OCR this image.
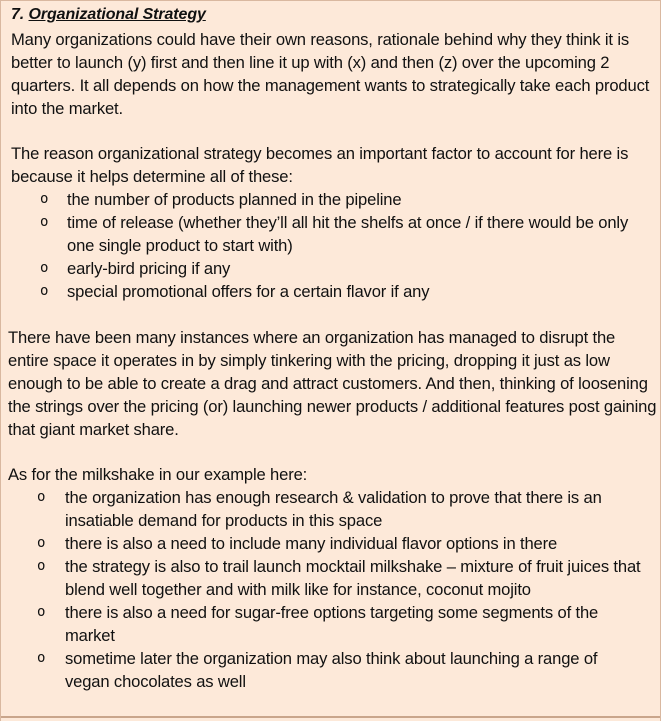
7. Organizational Strategy

Many organizations could have their own reasons, rationale behind why they think it is better to launch (y) first and then line it up with (x) and then (z) over the upcoming 2 quarters. It all depends on how the management wants to strategically take each product into the market.

The reason organizational strategy becomes an important factor to account for here is because it helps determine all of these:

o the number of products planned in the pipeline
o time of release (whether they’ll all hit the shelfs at once / if there would be only one single product to start with)
o early-bird pricing if any
o special promotional offers for a certain flavor if any

There have been many instances where an organization has managed to disrupt the entire space it operates in by simply tinkering with the pricing, dropping it just as low enough to be able to create a drag and attract customers. And then, thinking of loosening the strings over the pricing (or) launching newer products / additional features post gaining that giant market share.

As for the milkshake in our example here:

o the organization has enough research & validation to prove that there is an insatiable demand for products in this space
o there is also a need to include many individual flavor options in there
o the strategy is also to trail launch mocktail milkshake – mixture of fruit juices that blend well together and with milk like for instance, coconut mojito
o there is also a need for sugar-free options targeting some segments of the market
o sometime later the organization may also think about launching a range of vegan chocolates as well
